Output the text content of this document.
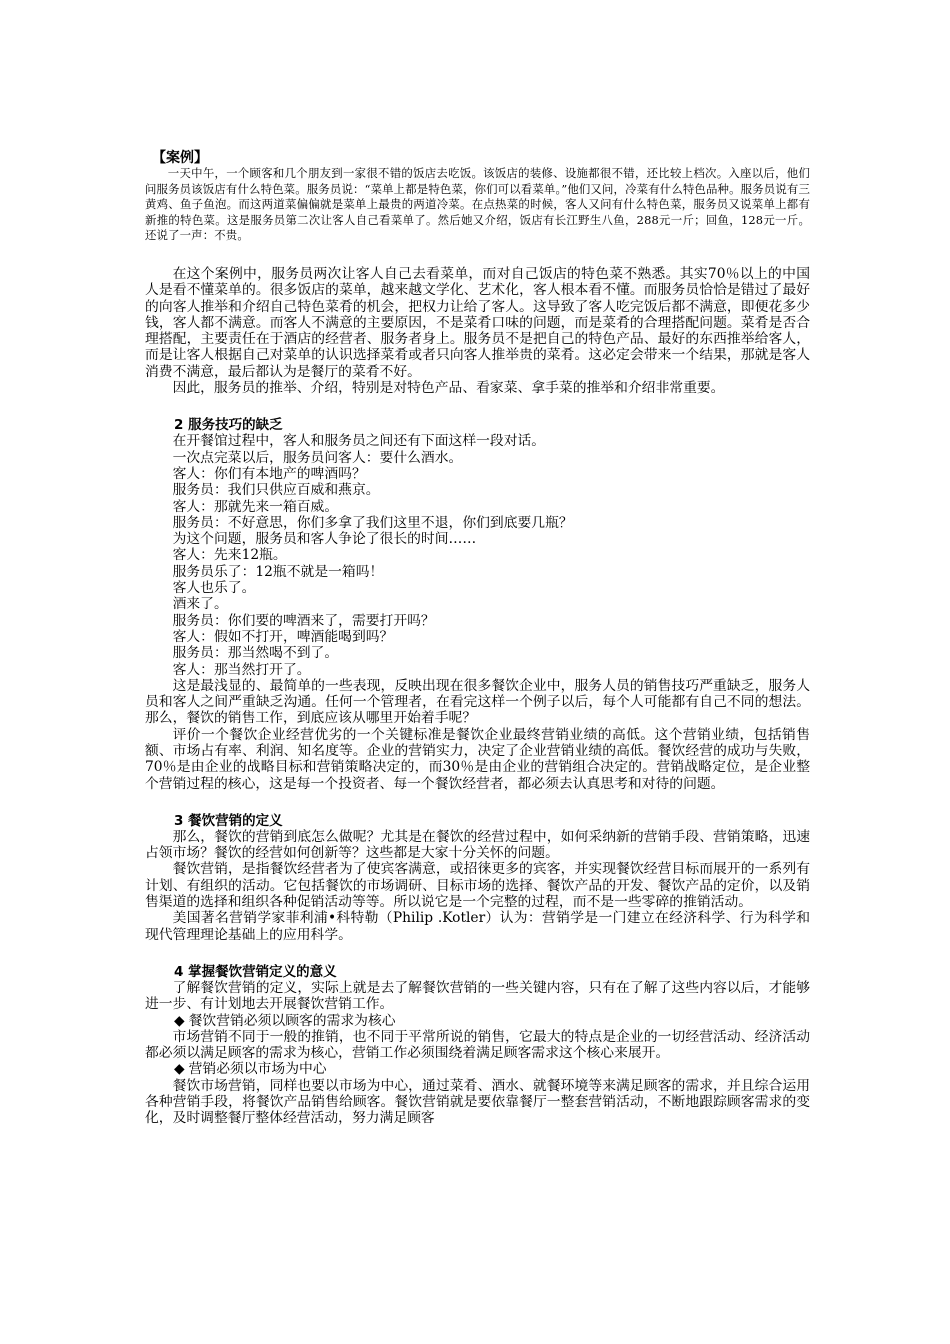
【案例】

一天中午，一个顾客和几个朋友到一家很不错的饭店去吃饭。该饭店的装修、设施都很不错，还比较上档次。入座以后，他们问服务员该饭店有什么特色菜。服务员说：“菜单上都是特色菜，你们可以看菜单。”他们又问，冷菜有什么特色品种。服务员说有三黄鸡、鱼子鱼泡。而这两道菜偏偏就是菜单上最贵的两道冷菜。在点热菜的时候，客人又问有什么特色菜，服务员又说菜单上都有新推的特色菜。这是服务员第二次让客人自己看菜单了。然后她又介绍，饭店有长江野生八鱼，288元一斤；回鱼，128元一斤。还说了一声：不贵。

在这个案例中，服务员两次让客人自己去看菜单，而对自己饭店的特色菜不熟悉。其实70％以上的中国人是看不懂菜单的。很多饭店的菜单，越来越文学化、艺术化，客人根本看不懂。而服务员恰恰是错过了最好的向客人推举和介绍自己特色菜肴的机会，把权力让给了客人。这导致了客人吃完饭后都不满意，即便花多少钱，客人都不满意。而客人不满意的主要原因，不是菜肴口味的问题，而是菜肴的合理搭配问题。菜肴是否合理搭配，主要责任在于酒店的经营者、服务者身上。服务员不是把自己的特色产品、最好的东西推举给客人，而是让客人根据自己对菜单的认识选择菜肴或者只向客人推举贵的菜肴。这必定会带来一个结果，那就是客人消费不满意，最后都认为是餐厅的菜肴不好。

因此，服务员的推举、介绍，特别是对特色产品、看家菜、拿手菜的推举和介绍非常重要。

2 服务技巧的缺乏

在开餐馆过程中，客人和服务员之间还有下面这样一段对话。

一次点完菜以后，服务员问客人：要什么酒水。

客人：你们有本地产的啤酒吗？

服务员：我们只供应百威和燕京。

客人：那就先来一箱百威。

服务员：不好意思，你们多拿了我们这里不退，你们到底要几瓶？

为这个问题，服务员和客人争论了很长的时间……

客人：先来12瓶。

服务员乐了：12瓶不就是一箱吗！

客人也乐了。

酒来了。

服务员：你们要的啤酒来了，需要打开吗？

客人：假如不打开，啤酒能喝到吗？

服务员：那当然喝不到了。

客人：那当然打开了。

这是最浅显的、最简单的一些表现，反映出现在很多餐饮企业中，服务人员的销售技巧严重缺乏，服务人员和客人之间严重缺乏沟通。任何一个管理者，在看完这样一个例子以后，每个人可能都有自己不同的想法。那么，餐饮的销售工作，到底应该从哪里开始着手呢？

评价一个餐饮企业经营优劣的一个关键标准是餐饮企业最终营销业绩的高低。这个营销业绩，包括销售额、市场占有率、利润、知名度等。企业的营销实力，决定了企业营销业绩的高低。餐饮经营的成功与失败，70％是由企业的战略目标和营销策略决定的，而30％是由企业的营销组合决定的。营销战略定位，是企业整个营销过程的核心，这是每一个投资者、每一个餐饮经营者，都必须去认真思考和对待的问题。

3 餐饮营销的定义

那么，餐饮的营销到底怎么做呢？尤其是在餐饮的经营过程中，如何采纳新的营销手段、营销策略，迅速占领市场？餐饮的经营如何创新等？这些都是大家十分关怀的问题。

餐饮营销，是指餐饮经营者为了使宾客满意，或招徕更多的宾客，并实现餐饮经营目标而展开的一系列有计划、有组织的活动。它包括餐饮的市场调研、目标市场的选择、餐饮产品的开发、餐饮产品的定价，以及销售渠道的选择和组织各种促销活动等等。所以说它是一个完整的过程，而不是一些零碎的推销活动。

美国著名营销学家菲利浦•科特勒（Philip .Kotler）认为：营销学是一门建立在经济科学、行为科学和现代管理理论基础上的应用科学。

4 掌握餐饮营销定义的意义

了解餐饮营销的定义，实际上就是去了解餐饮营销的一些关键内容，只有在了解了这些内容以后，才能够进一步、有计划地去开展餐饮营销工作。

◆ 餐饮营销必须以顾客的需求为核心

市场营销不同于一般的推销，也不同于平常所说的销售，它最大的特点是企业的一切经营活动、经济活动都必须以满足顾客的需求为核心，营销工作必须围绕着满足顾客需求这个核心来展开。

◆ 营销必须以市场为中心

餐饮市场营销，同样也要以市场为中心，通过菜肴、酒水、就餐环境等来满足顾客的需求，并且综合运用各种营销手段，将餐饮产品销售给顾客。餐饮营销就是要依靠餐厅一整套营销活动，不断地跟踪顾客需求的变化，及时调整餐厅整体经营活动，努力满足顾客
